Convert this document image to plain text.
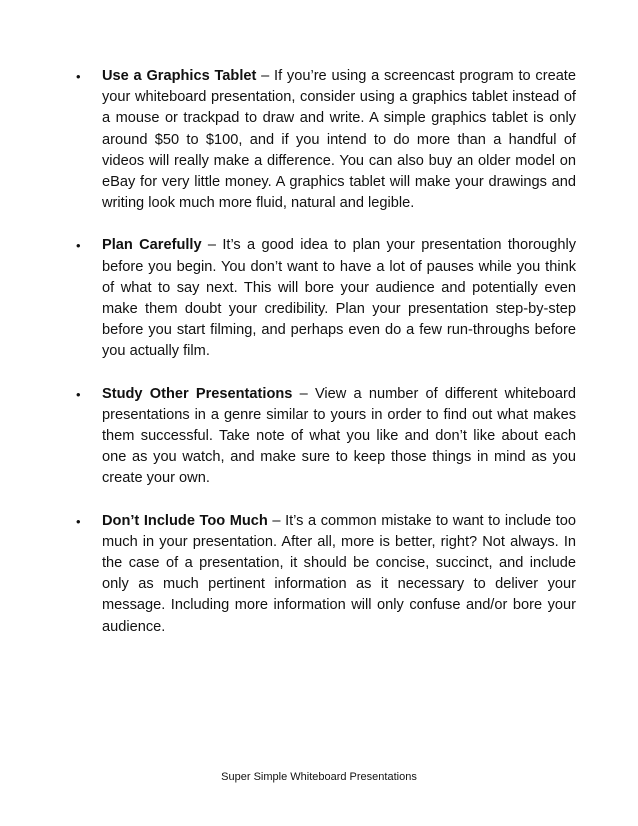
• Use a Graphics Tablet – If you’re using a screencast program to create your whiteboard presentation, consider using a graphics tablet instead of a mouse or trackpad to draw and write. A simple graphics tablet is only around $50 to $100, and if you intend to do more than a handful of videos will really make a difference. You can also buy an older model on eBay for very little money. A graphics tablet will make your drawings and writing look much more fluid, natural and legible.
• Plan Carefully – It’s a good idea to plan your presentation thoroughly before you begin. You don’t want to have a lot of pauses while you think of what to say next. This will bore your audience and potentially even make them doubt your credibility. Plan your presentation step-by-step before you start filming, and perhaps even do a few run-throughs before you actually film.
• Study Other Presentations – View a number of different whiteboard presentations in a genre similar to yours in order to find out what makes them successful. Take note of what you like and don’t like about each one as you watch, and make sure to keep those things in mind as you create your own.
• Don’t Include Too Much – It’s a common mistake to want to include too much in your presentation. After all, more is better, right? Not always. In the case of a presentation, it should be concise, succinct, and include only as much pertinent information as it necessary to deliver your message. Including more information will only confuse and/or bore your audience.
Super Simple Whiteboard Presentations
